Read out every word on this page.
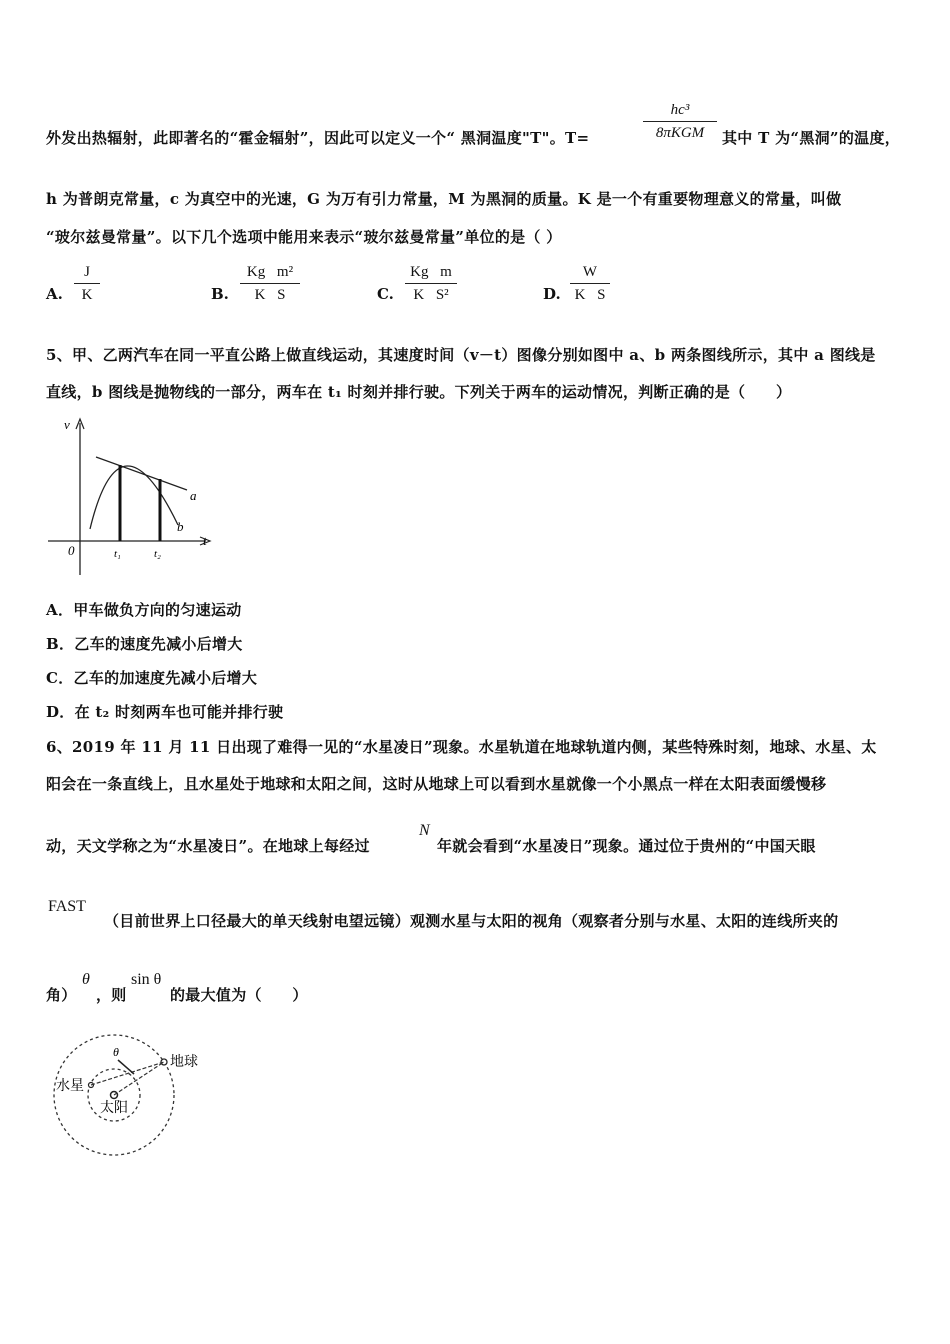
外发出热辐射，此即著名的“霍金辐射”，因此可以定义一个“ 黑洞温度"T"。T=
hc³
8πKGM	其中 T 为“黑洞”的温度，
h 为普朗克常量，c 为真空中的光速，G 为万有引力常量，M 为黑洞的质量。K 是一个有重要物理意义的常量，叫做
“玻尔兹曼常量”。以下几个选项中能用来表示“玻尔兹曼常量”单位的是（ ）
A.
J
K	B.
Kg􏰀m²
K􏰀S	C.
Kg􏰀m
K􏰀S²	D.
W
K􏰀S
5、甲、乙两汽车在同一平直公路上做直线运动，其速度时间（v－t）图像分别如图中 a、b 两条图线所示，其中 a 图线是
直线，b 图线是抛物线的一部分，两车在 t₁ 时刻并排行驶。下列关于两车的运动情况，判断正确的是（　　）
v
t
0	t₁	t₂
a
b
A．甲车做负方向的匀速运动
B．乙车的速度先减小后增大
C．乙车的加速度先减小后增大
D．在 t₂ 时刻两车也可能并排行驶
6、2019 年 11 月 11 日出现了难得一见的“水星凌日”现象。水星轨道在地球轨道内侧，某些特殊时刻，地球、水星、太
阳会在一条直线上，且水星处于地球和太阳之间，这时从地球上可以看到水星就像一个小黑点一样在太阳表面缓慢移
动，天文学称之为“水星凌日”。在地球上每经过
N
年就会看到“水星凌日”现象。通过位于贵州的“中国天眼
FAST
（目前世界上口径最大的单天线射电望远镜）观测水星与太阳的视角（观察者分别与水星、太阳的连线所夹的
角）
θ
，则
sin θ
的最大值为（　　）
θ
地球
水星
太阳
